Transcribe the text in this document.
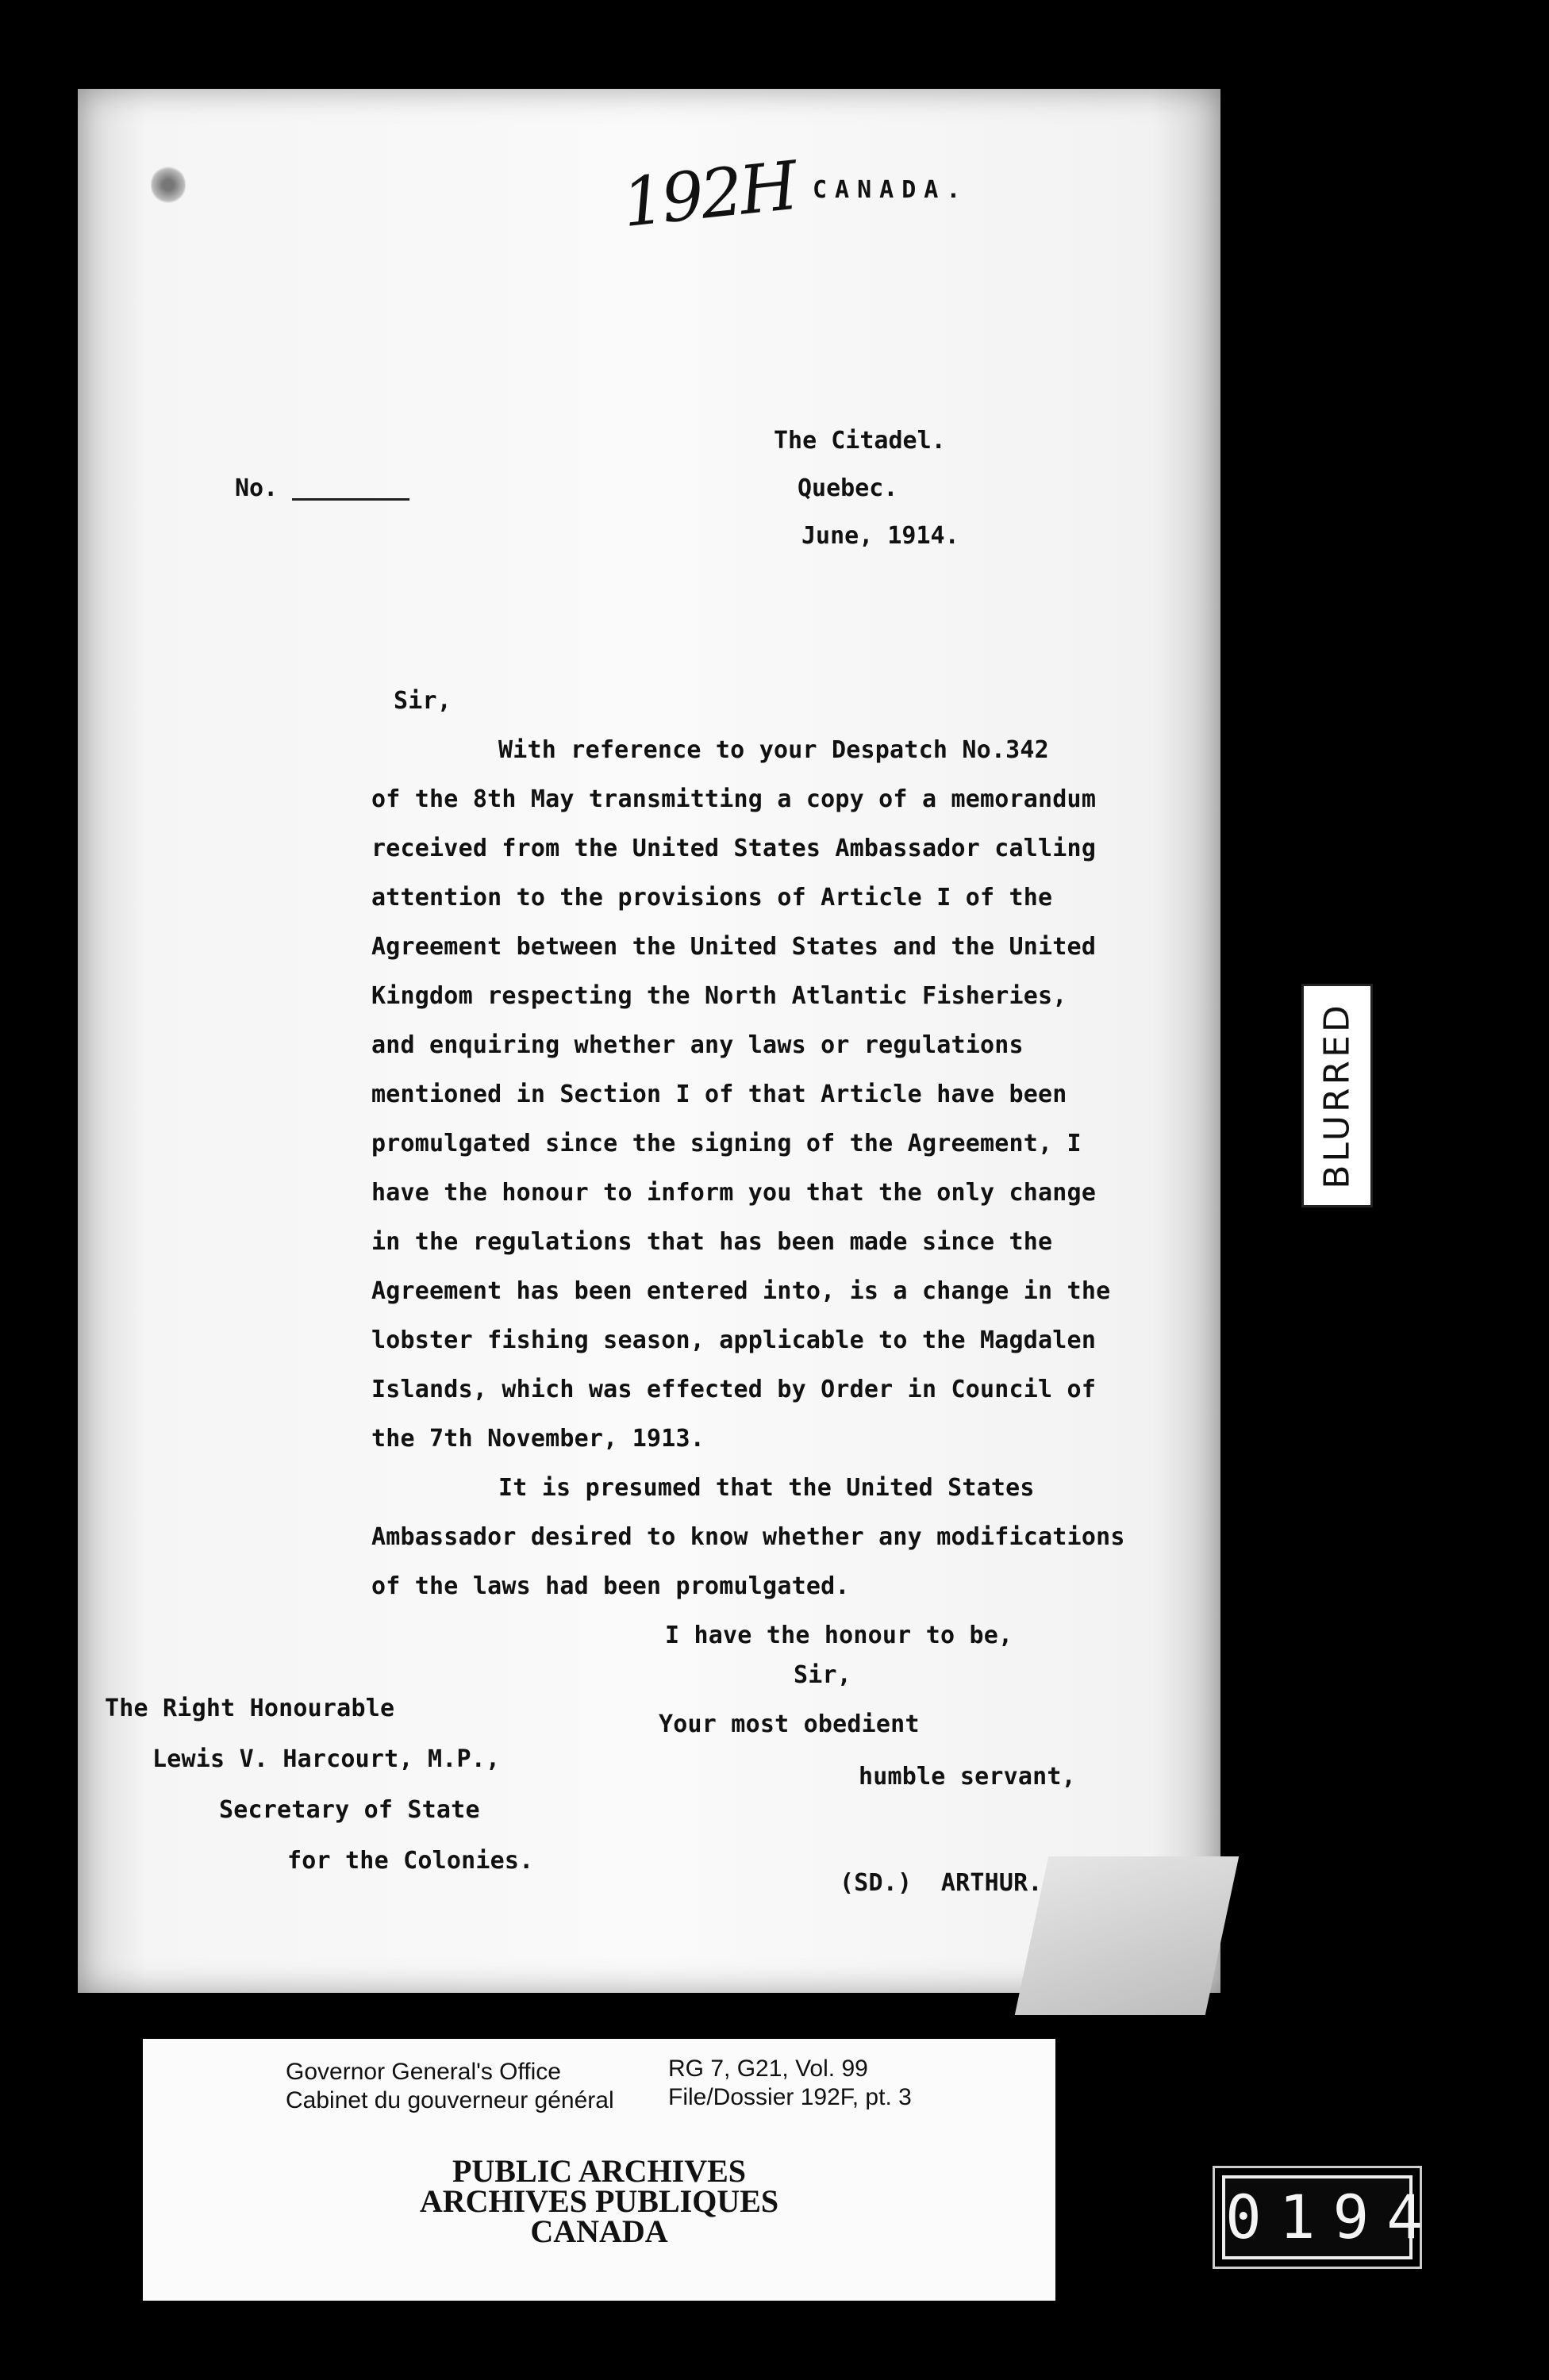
192H CANADA.
The Citadel.
Quebec.
June, 1914.
No.
Sir,
With reference to your Despatch No.342
of the 8th May transmitting a copy of a memorandum
received from the United States Ambassador calling
attention to the provisions of Article I of the
Agreement between the United States and the United
Kingdom respecting the North Atlantic Fisheries,
and enquiring whether any laws or regulations
mentioned in Section I of that Article have been
promulgated since the signing of the Agreement, I
have the honour to inform you that the only change
in the regulations that has been made since the
Agreement has been entered into, is a change in the
lobster fishing season, applicable to the Magdalen
Islands, which was effected by Order in Council of
the 7th November, 1913.
It is presumed that the United States
Ambassador desired to know whether any modifications
of the laws had been promulgated.
I have the honour to be,
Sir,
Your most obedient
humble servant,
The Right Honourable
Lewis V. Harcourt, M.P.,
Secretary of State
for the Colonies.
(SD.)  ARTHUR.
BLURRED
Governor General's Office
Cabinet du gouverneur général
RG 7, G21, Vol. 99
File/Dossier 192F, pt. 3
PUBLIC ARCHIVES
ARCHIVES PUBLIQUES
CANADA	0194
